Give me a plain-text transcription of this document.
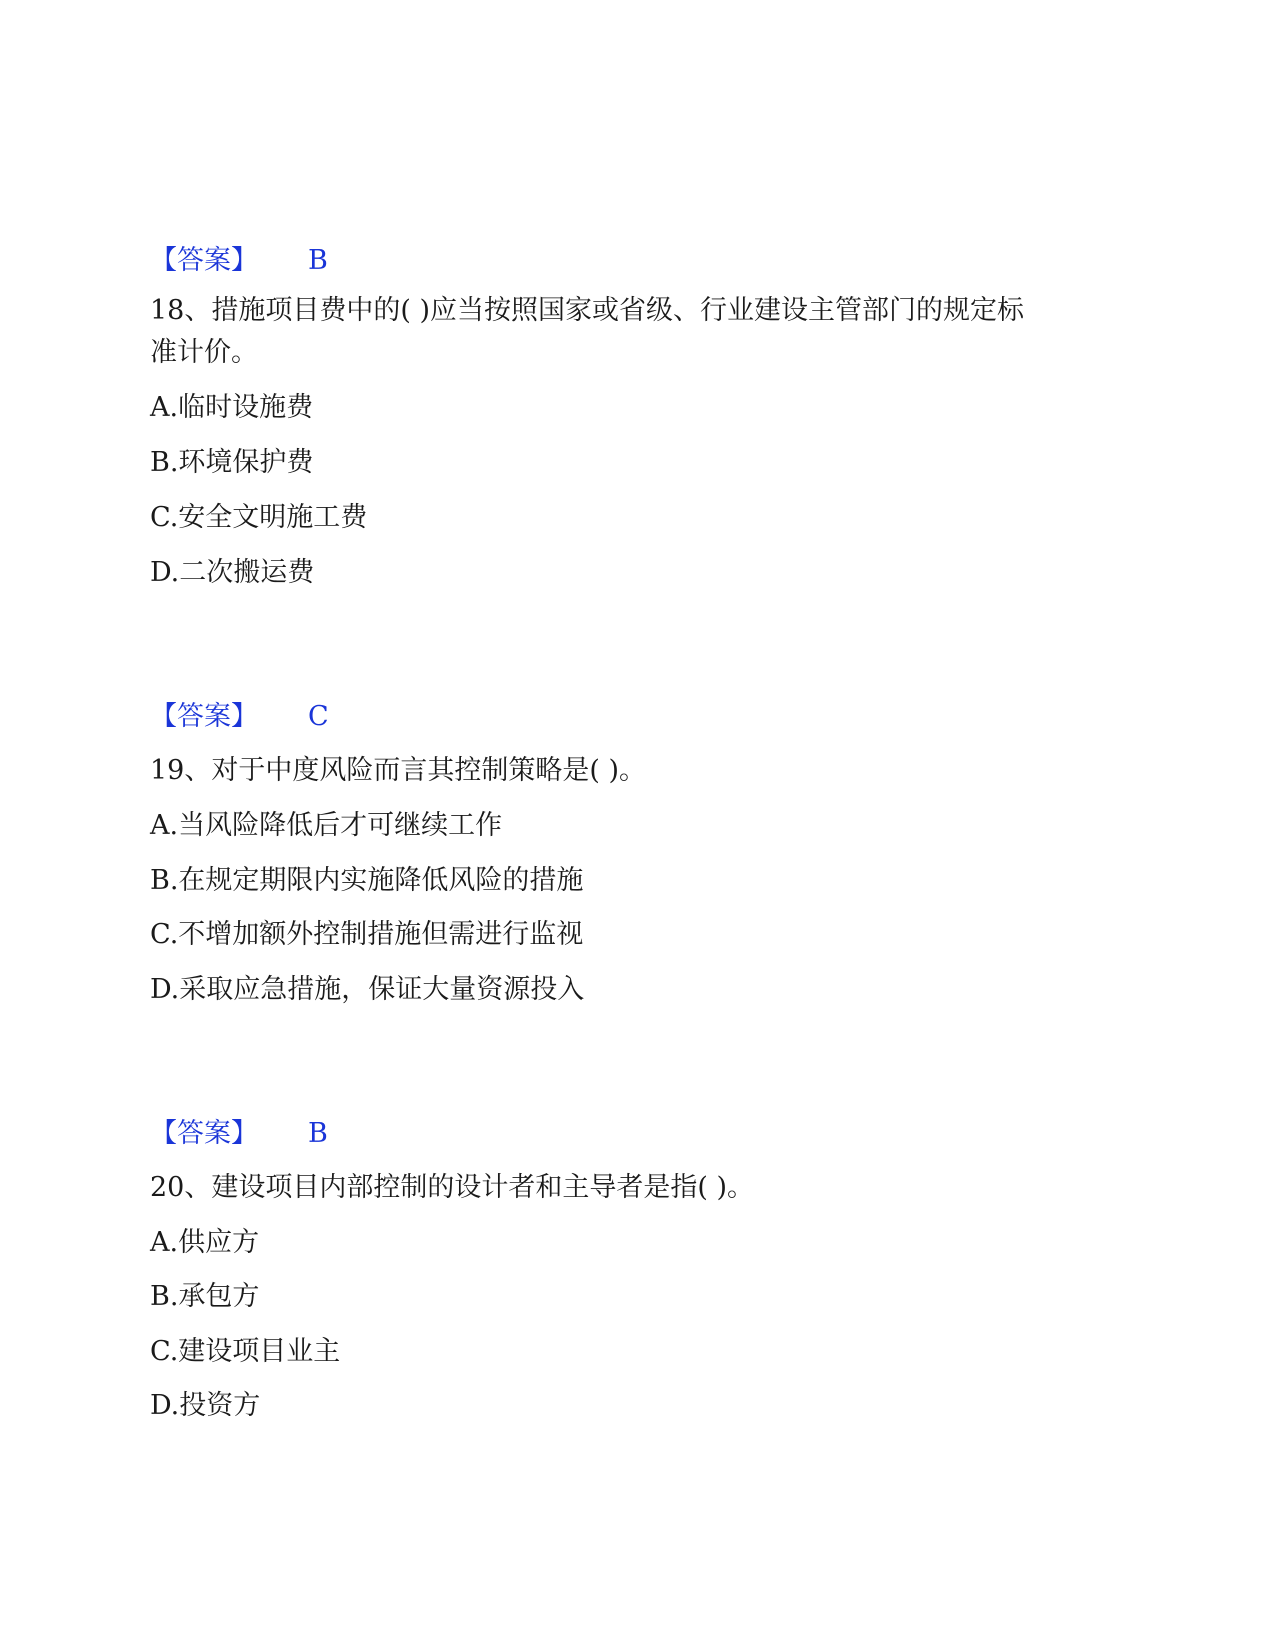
【答案】 B
18、措施项目费中的( )应当按照国家或省级、行业建设主管部门的规定标
准计价。
A.临时设施费
B.环境保护费
C.安全文明施工费
D.二次搬运费
【答案】 C
19、对于中度风险而言其控制策略是( )。
A.当风险降低后才可继续工作
B.在规定期限内实施降低风险的措施
C.不增加额外控制措施但需进行监视
D.采取应急措施，保证大量资源投入
【答案】 B
20、建设项目内部控制的设计者和主导者是指( )。
A.供应方
B.承包方
C.建设项目业主
D.投资方
